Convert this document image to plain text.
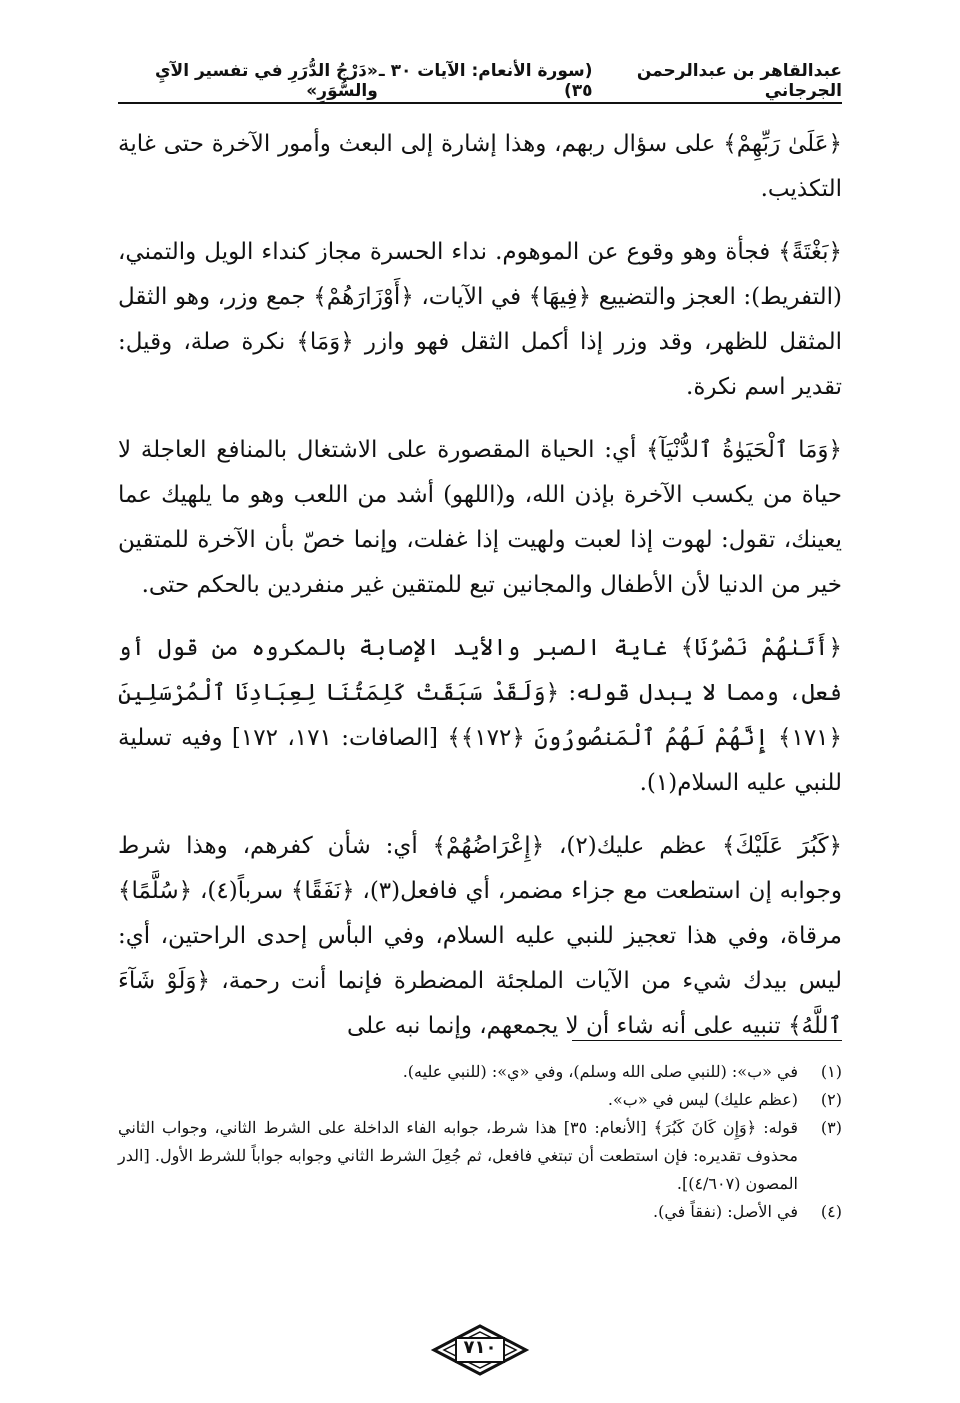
عبدالقاهر بن عبدالرحمن الجرجاني
(سورة الأنعام: الآيات ٣٠ ـ ٣٥)
«دَرْجُ الدُّرَرِ في تفسير الآيِ والسُّوَرِ»

﴿عَلَىٰ رَبِّهِمْ﴾ على سؤال ربهم، وهذا إشارة إلى البعث وأمور الآخرة حتى غاية التكذيب.

﴿بَغْتَةً﴾ فجأة وهو وقوع عن الموهوم. نداء الحسرة مجاز كنداء الويل والتمني، (التفريط): العجز والتضييع ﴿فِيهَا﴾ في الآيات، ﴿أَوْزَارَهُمْ﴾ جمع وزر، وهو الثقل المثقل للظهر، وقد وزر إذا أكمل الثقل فهو وازر ﴿وَمَا﴾ نكرة صلة، وقيل: تقدير اسم نكرة.

﴿وَمَا ٱلْحَيَوٰةُ ٱلدُّنْيَآ﴾ أي: الحياة المقصورة على الاشتغال بالمنافع العاجلة لا حياة من يكسب الآخرة بإذن الله، و(اللهو) أشد من اللعب وهو ما يلهيك عما يعينك، تقول: لهوت إذا لعبت ولهيت إذا غفلت، وإنما خصّ بأن الآخرة للمتقين خير من الدنيا لأن الأطفال والمجانين تبع للمتقين غير منفردين بالحكم حتى.

﴿أَتَىٰهُمْ نَصْرُنَا﴾ غاية الصبر والأيد الإصابة بالمكروه من قول أو فعل، ومما لا يبدل قوله: ﴿وَلَقَدْ سَبَقَتْ كَلِمَتُنَا لِعِبَادِنَا ٱلْمُرْسَلِينَ ﴿١٧١﴾ إِنَّهُمْ لَهُمُ ٱلْمَنصُورُونَ ﴿١٧٢﴾﴾ [الصافات: ١٧١، ١٧٢] وفيه تسلية للنبي عليه السلام(١).

﴿كَبُرَ عَلَيْكَ﴾ عظم عليك(٢)، ﴿إِعْرَاضُهُمْ﴾ أي: شأن كفرهم، وهذا شرط وجوابه إن استطعت مع جزاء مضمر، أي فافعل(٣)، ﴿نَفَقًا﴾ سرباً(٤)، ﴿سُلَّمًا﴾ مرقاة، وفي هذا تعجيز للنبي عليه السلام، وفي البأس إحدى الراحتين، أي: ليس بيدك شيء من الآيات الملجئة المضطرة فإنما أنت رحمة، ﴿وَلَوْ شَآءَ ٱللَّهُ﴾ تنبيه على أنه شاء أن لا يجمعهم، وإنما نبه على

(١)
في «ب»: (للنبي صلى الله وسلم)، وفي «ي»: (للنبي عليه).
(٢)
(عظم عليك) ليس في «ب».
(٣)
قوله: ﴿وَإِن كَانَ كَبُرَ﴾ [الأنعام: ٣٥] هذا شرط، جوابه الفاء الداخلة على الشرط الثاني، وجواب الثاني محذوف تقديره: فإن استطعت أن تبتغي فافعل، ثم جُعِلَ الشرط الثاني وجوابه جواباً للشرط الأول. [الدر المصون (٤/٦٠٧)].
(٤)
في الأصل: (نفقاً في).
٧١٠
